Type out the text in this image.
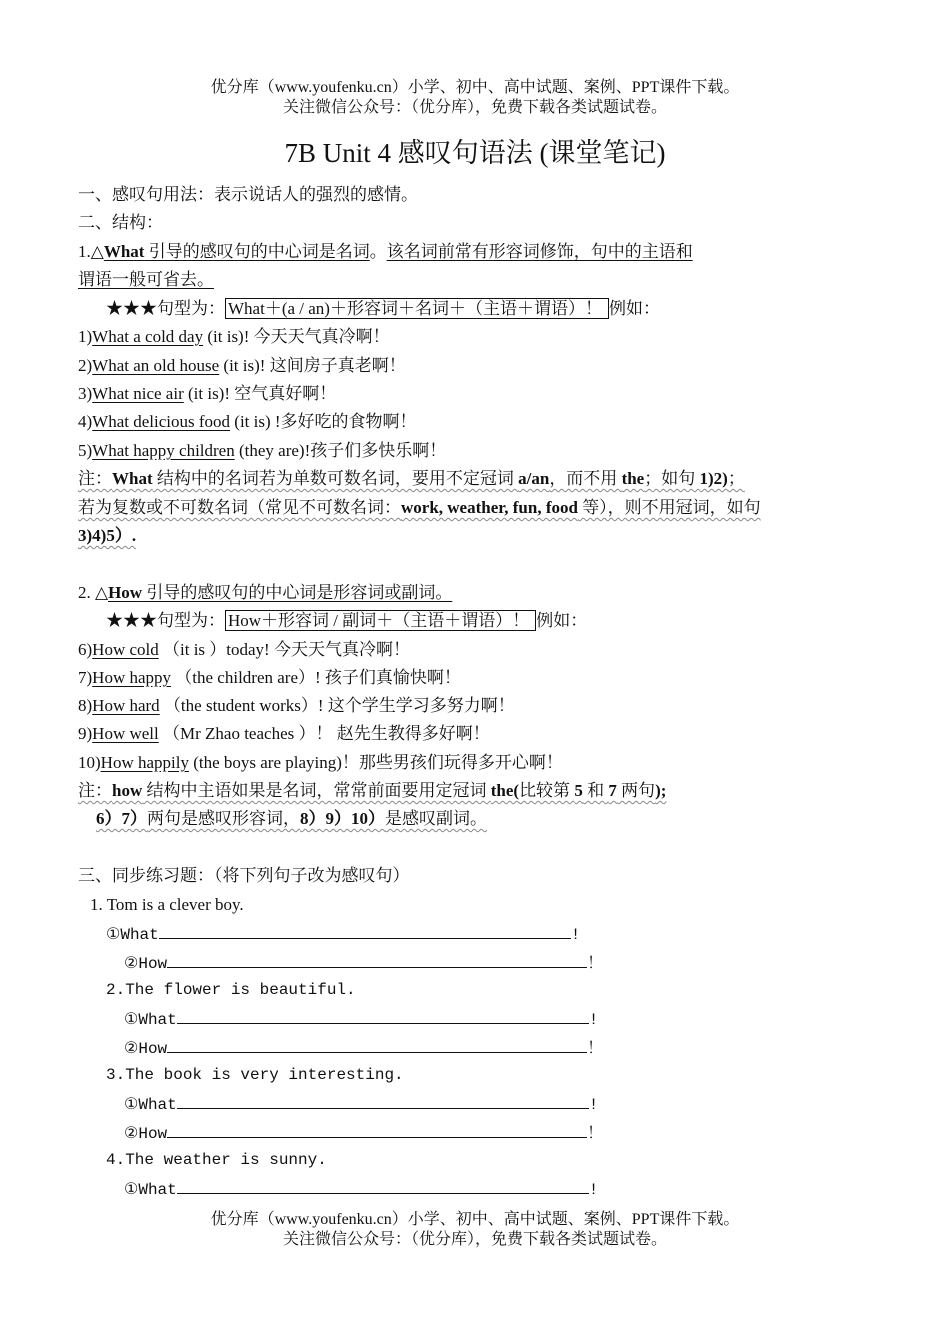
优分库（www.youfenku.cn）小学、初中、高中试题、案例、PPT课件下载。
关注微信公众号：（优分库），免费下载各类试题试卷。
7B Unit 4 感叹句语法 (课堂笔记)
一、感叹句用法：表示说话人的强烈的感情。
二、结构：
1.△What 引导的感叹句的中心词是名词。该名词前常有形容词修饰，句中的主语和
谓语一般可省去。
★★★句型为： What＋(a / an)＋形容词＋名词＋（主语＋谓语）！ 例如：
1)What a cold day (it is)! 今天天气真冷啊！
2)What an old house (it is)! 这间房子真老啊！
3)What nice air (it is)! 空气真好啊！
4)What delicious food (it is) !多好吃的食物啊！
5)What happy children (they are)!孩子们多快乐啊！
注：What 结构中的名词若为单数可数名词，要用不定冠词 a/an，而不用 the；如句 1)2)；
若为复数或不可数名词（常见不可数名词：work, weather, fun, food 等），则不用冠词，如句
3)4)5）.
2. △How 引导的感叹句的中心词是形容词或副词。
★★★句型为： How＋形容词 / 副词＋（主语＋谓语）！ 例如：
6)How cold （it is ）today! 今天天气真冷啊！
7)How happy （the children are）! 孩子们真愉快啊！
8)How hard （the student works）! 这个学生学习多努力啊！
9)How well （Mr Zhao teaches ）！ 赵先生教得多好啊！
10)How happily (the boys are playing)！那些男孩们玩得多开心啊！
注：how 结构中主语如果是名词，常常前面要用定冠词 the(比较第 5 和 7 两句);
6）7）两句是感叹形容词，8）9）10）是感叹副词。
三、同步练习题：（将下列句子改为感叹句）
1. Tom is a clever boy.
①What	!
②How	！
2.The flower is beautiful.
①What	!
②How	！
3.The book is very interesting.
①What	!
②How	！
4.The weather is sunny.
①What	!
优分库（www.youfenku.cn）小学、初中、高中试题、案例、PPT课件下载。
关注微信公众号：（优分库），免费下载各类试题试卷。
